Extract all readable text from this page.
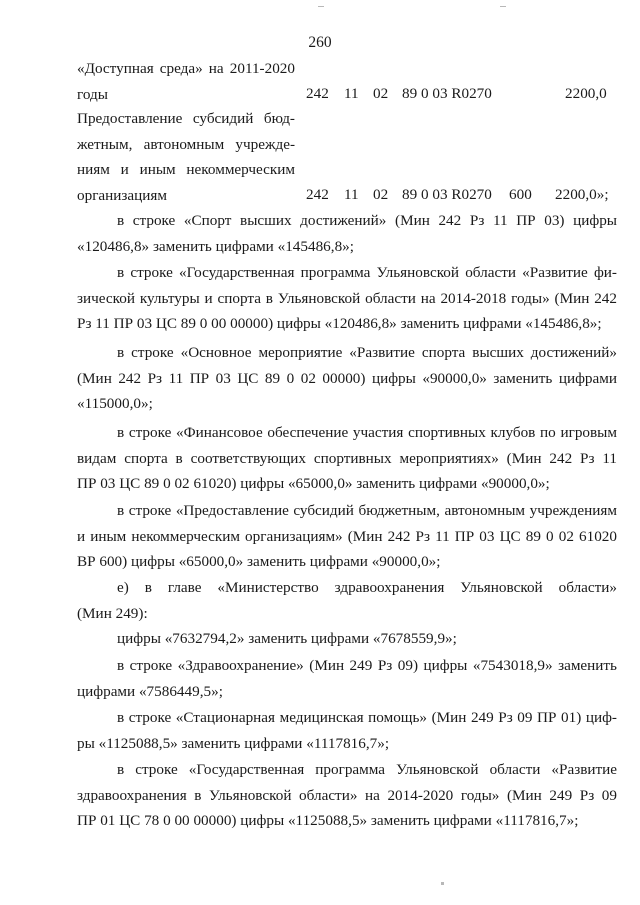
260
«Доступная среда» на 2011-2020
годы	242 11 02 89 0 03 R0270	2200,0
Предоставление субсидий бюд-
жетным, автономным учрежде-
ниям и иным некоммерческим
организациям	242 11 02 89 0 03 R0270 600 2200,0»;
в строке «Спорт высших достижений» (Мин 242 Рз 11 ПР 03) цифры
«120486,8» заменить цифрами «145486,8»;
в строке «Государственная программа Ульяновской области «Развитие фи-
зической культуры и спорта в Ульяновской области на 2014-2018 годы» (Мин 242
Рз 11 ПР 03 ЦС 89 0 00 00000) цифры «120486,8» заменить цифрами «145486,8»;
в строке «Основное мероприятие «Развитие спорта высших достижений»
(Мин 242 Рз 11 ПР 03 ЦС 89 0 02 00000) цифры «90000,0» заменить цифрами
«115000,0»;
в строке «Финансовое обеспечение участия спортивных клубов по игровым
видам спорта в соответствующих спортивных мероприятиях» (Мин 242 Рз 11
ПР 03 ЦС 89 0 02 61020) цифры «65000,0» заменить цифрами «90000,0»;
в строке «Предоставление субсидий бюджетным, автономным учреждениям
и иным некоммерческим организациям» (Мин 242 Рз 11 ПР 03 ЦС 89 0 02 61020
ВР 600) цифры «65000,0» заменить цифрами «90000,0»;
е) в главе «Министерство здравоохранения Ульяновской области»
(Мин 249):
цифры «7632794,2» заменить цифрами «7678559,9»;
в строке «Здравоохранение» (Мин 249 Рз 09) цифры «7543018,9» заменить
цифрами «7586449,5»;
в строке «Стационарная медицинская помощь» (Мин 249 Рз 09 ПР 01) циф-
ры «1125088,5» заменить цифрами «1117816,7»;
в строке «Государственная программа Ульяновской области «Развитие
здравоохранения в Ульяновской области» на 2014-2020 годы» (Мин 249 Рз 09
ПР 01 ЦС 78 0 00 00000) цифры «1125088,5» заменить цифрами «1117816,7»;
